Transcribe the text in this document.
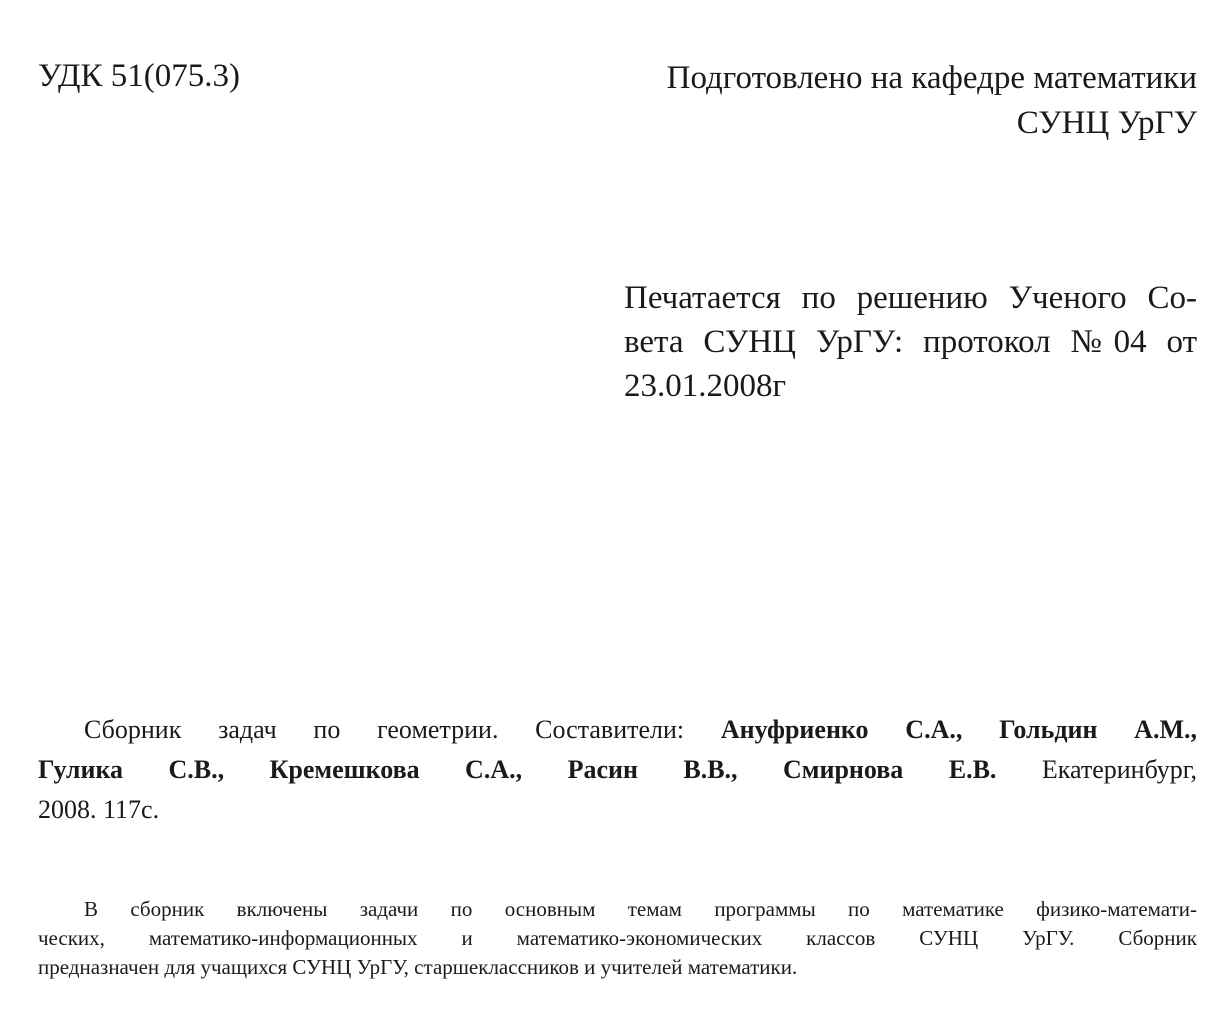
УДК 51(075.3)	Подготовлено на кафедре математики
СУНЦ УрГУ
Печатается по решению Ученого Со-
вета СУНЦ УрГУ: протокол №04 от
23.01.2008г
Сборник задач по геометрии. Составители: Ануфриенко С.А., Гольдин А.М.,
Гулика С.В., Кремешкова С.А., Расин В.В., Смирнова Е.В. Екатеринбург,
2008. 117с.
В сборник включены задачи по основным темам программы по математике физико-математи-
ческих, математико-информационных и математико-экономических классов СУНЦ УрГУ. Сборник
предназначен для учащихся СУНЦ УрГУ, старшеклассников и учителей математики.
